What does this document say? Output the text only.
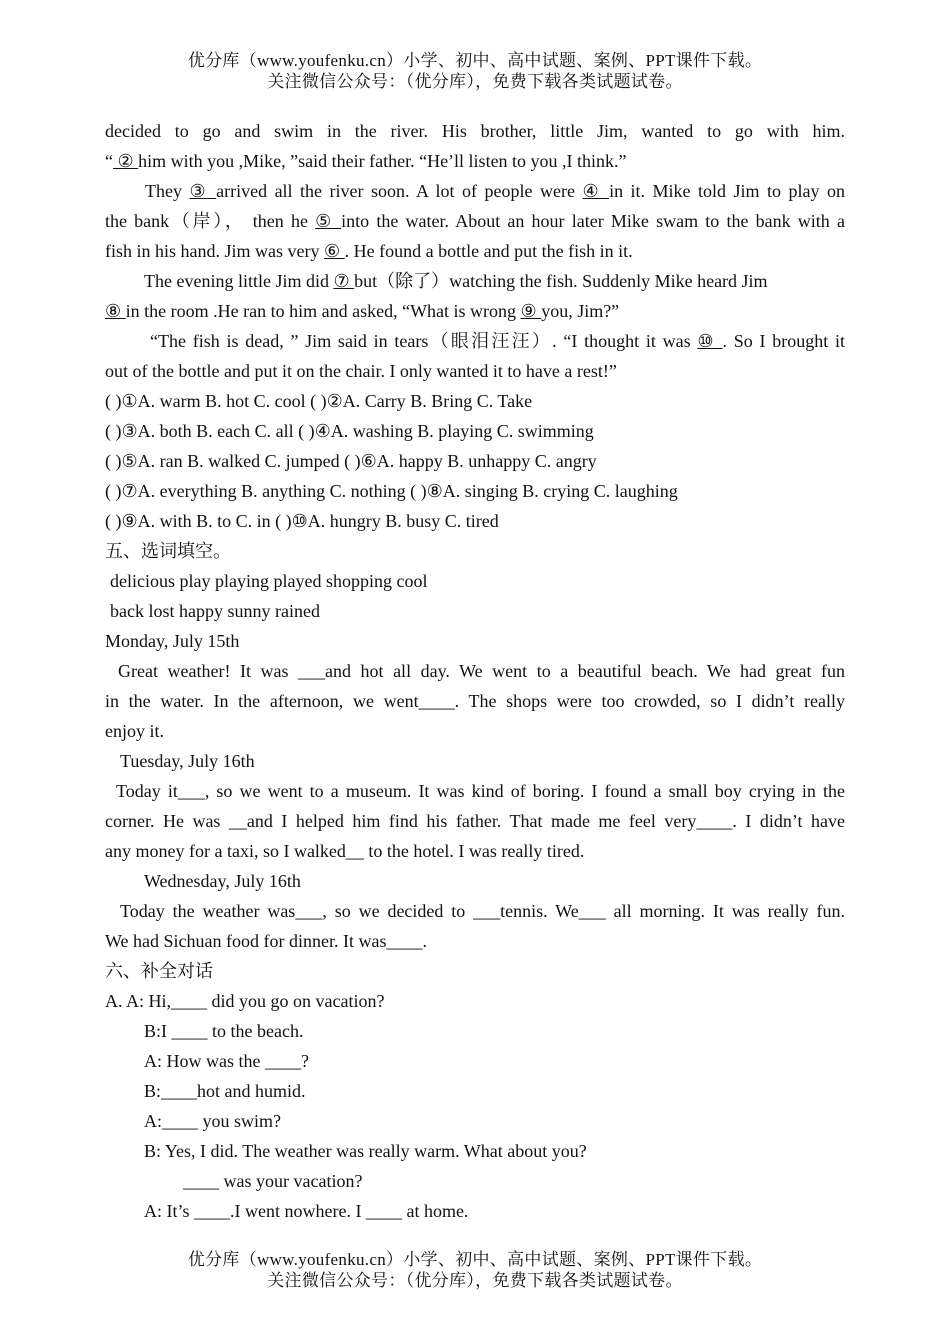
优分库（www.youfenku.cn）小学、初中、高中试题、案例、PPT课件下载。
关注微信公众号：（优分库），免费下载各类试题试卷。
decided to go and swim in the river. His brother, little Jim, wanted to go with him.
“ ② him with you ,Mike, ”said their father. “He’ll listen to you ,I think.”
They ③ arrived all the river soon. A lot of people were ④ in it. Mike told Jim to play on
the bank（岸）， then he ⑤ into the water. About an hour later Mike swam to the bank with a
fish in his hand. Jim was very ⑥ . He found a bottle and put the fish in it.
The evening little Jim did ⑦ but（除了）watching the fish. Suddenly Mike heard Jim
⑧ in the room .He ran to him and asked, “What is wrong ⑨ you, Jim?”
“The fish is dead, ” Jim said in tears（眼泪汪汪）. “I thought it was ⑩ . So I brought it
out of the bottle and put it on the chair. I only wanted it to have a rest!”
( )①A. warm B. hot C. cool ( )②A. Carry B. Bring C. Take
( )③A. both B. each C. all ( )④A. washing B. playing C. swimming
( )⑤A. ran B. walked C. jumped ( )⑥A. happy B. unhappy C. angry
( )⑦A. everything B. anything C. nothing ( )⑧A. singing B. crying C. laughing
( )⑨A. with B. to C. in ( )⑩A. hungry B. busy C. tired
五、选词填空。
delicious play playing played shopping cool
back lost happy sunny rained
Monday, July 15th
Great weather! It was ___and hot all day. We went to a beautiful beach. We had great fun
in the water. In the afternoon, we went____. The shops were too crowded, so I didn’t really
enjoy it.
Tuesday, July 16th
Today it___, so we went to a museum. It was kind of boring. I found a small boy crying in the
corner. He was __and I helped him find his father. That made me feel very____. I didn’t have
any money for a taxi, so I walked__ to the hotel. I was really tired.
Wednesday, July 16th
Today the weather was___, so we decided to ___tennis. We___ all morning. It was really fun.
We had Sichuan food for dinner. It was____.
六、补全对话
A. A: Hi,____ did you go on vacation?
B:I ____ to the beach.
A: How was the ____?
B:____hot and humid.
A:____ you swim?
B: Yes, I did. The weather was really warm. What about you?
____ was your vacation?
A: It’s ____.I went nowhere. I ____ at home.
优分库（www.youfenku.cn）小学、初中、高中试题、案例、PPT课件下载。
关注微信公众号：（优分库），免费下载各类试题试卷。
